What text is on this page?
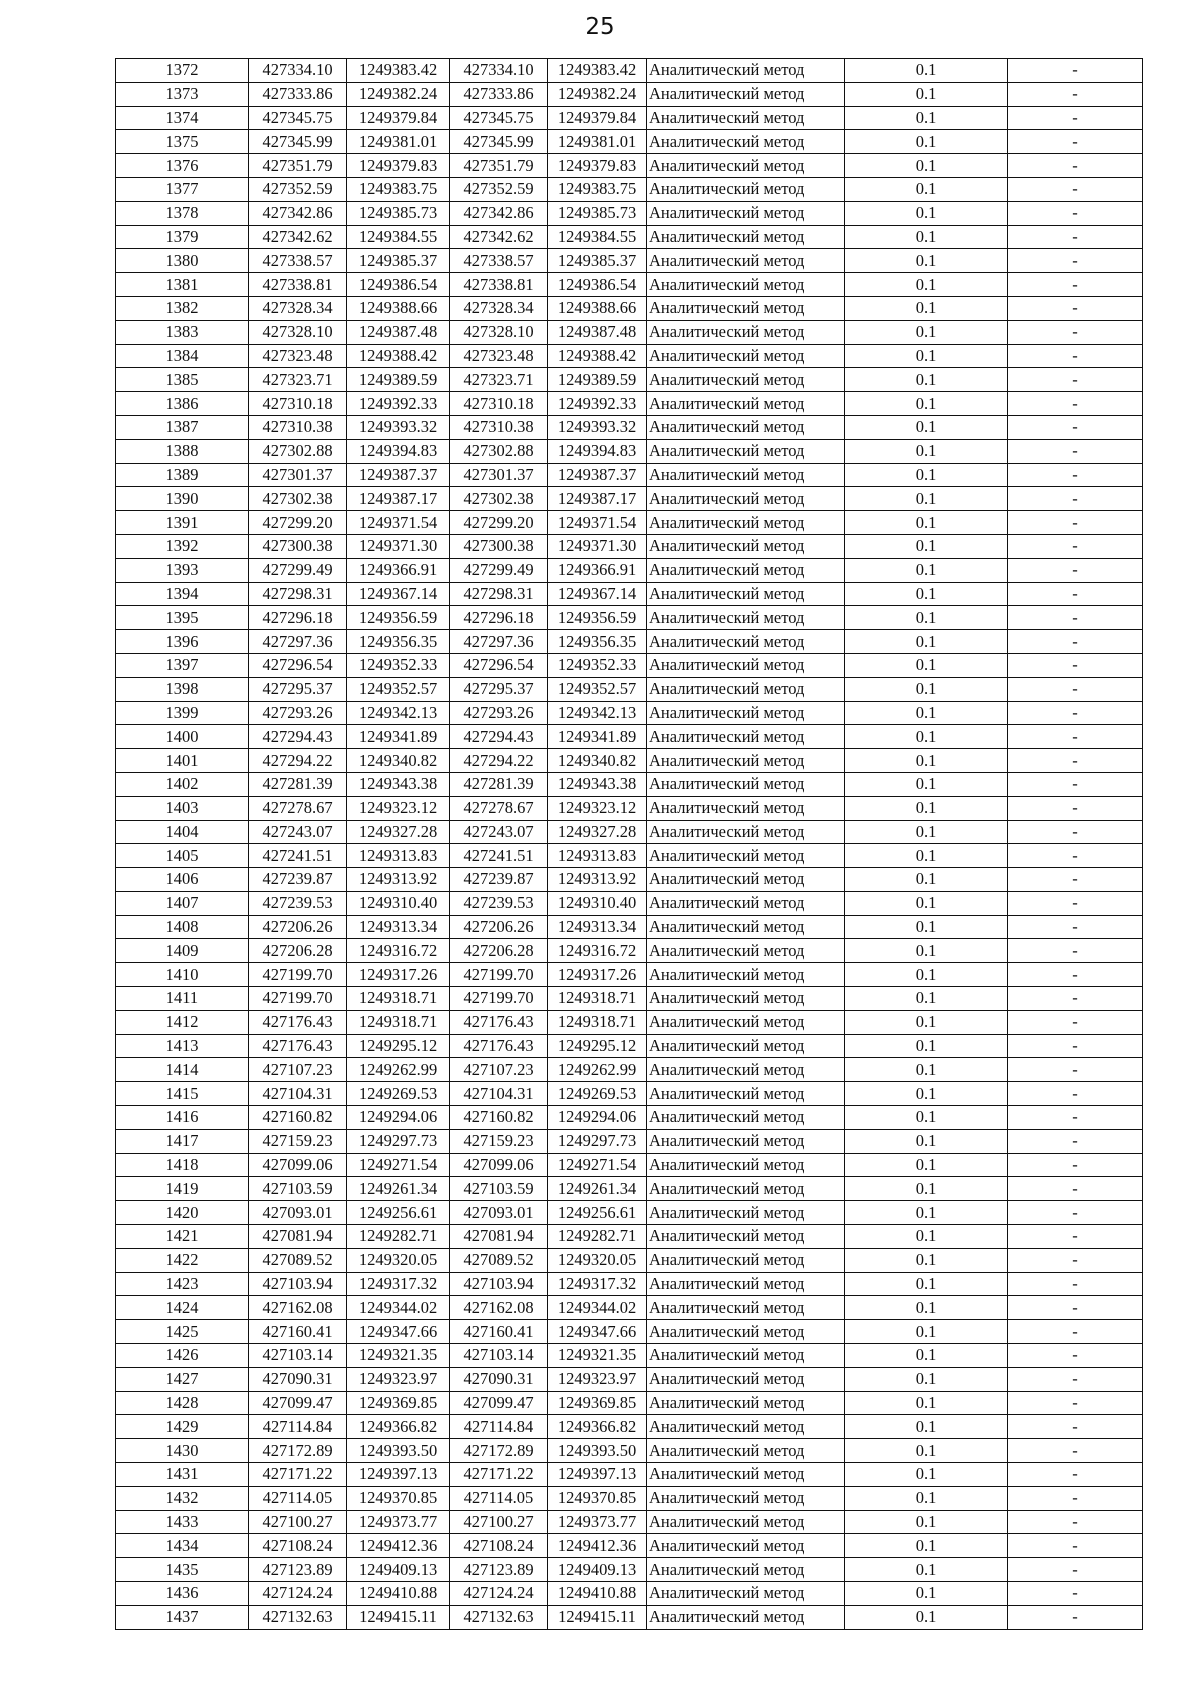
25
1372	427334.10	1249383.42	427334.10	1249383.42	Аналитический метод	0.1	-
1373	427333.86	1249382.24	427333.86	1249382.24	Аналитический метод	0.1	-
1374	427345.75	1249379.84	427345.75	1249379.84	Аналитический метод	0.1	-
1375	427345.99	1249381.01	427345.99	1249381.01	Аналитический метод	0.1	-
1376	427351.79	1249379.83	427351.79	1249379.83	Аналитический метод	0.1	-
1377	427352.59	1249383.75	427352.59	1249383.75	Аналитический метод	0.1	-
1378	427342.86	1249385.73	427342.86	1249385.73	Аналитический метод	0.1	-
1379	427342.62	1249384.55	427342.62	1249384.55	Аналитический метод	0.1	-
1380	427338.57	1249385.37	427338.57	1249385.37	Аналитический метод	0.1	-
1381	427338.81	1249386.54	427338.81	1249386.54	Аналитический метод	0.1	-
1382	427328.34	1249388.66	427328.34	1249388.66	Аналитический метод	0.1	-
1383	427328.10	1249387.48	427328.10	1249387.48	Аналитический метод	0.1	-
1384	427323.48	1249388.42	427323.48	1249388.42	Аналитический метод	0.1	-
1385	427323.71	1249389.59	427323.71	1249389.59	Аналитический метод	0.1	-
1386	427310.18	1249392.33	427310.18	1249392.33	Аналитический метод	0.1	-
1387	427310.38	1249393.32	427310.38	1249393.32	Аналитический метод	0.1	-
1388	427302.88	1249394.83	427302.88	1249394.83	Аналитический метод	0.1	-
1389	427301.37	1249387.37	427301.37	1249387.37	Аналитический метод	0.1	-
1390	427302.38	1249387.17	427302.38	1249387.17	Аналитический метод	0.1	-
1391	427299.20	1249371.54	427299.20	1249371.54	Аналитический метод	0.1	-
1392	427300.38	1249371.30	427300.38	1249371.30	Аналитический метод	0.1	-
1393	427299.49	1249366.91	427299.49	1249366.91	Аналитический метод	0.1	-
1394	427298.31	1249367.14	427298.31	1249367.14	Аналитический метод	0.1	-
1395	427296.18	1249356.59	427296.18	1249356.59	Аналитический метод	0.1	-
1396	427297.36	1249356.35	427297.36	1249356.35	Аналитический метод	0.1	-
1397	427296.54	1249352.33	427296.54	1249352.33	Аналитический метод	0.1	-
1398	427295.37	1249352.57	427295.37	1249352.57	Аналитический метод	0.1	-
1399	427293.26	1249342.13	427293.26	1249342.13	Аналитический метод	0.1	-
1400	427294.43	1249341.89	427294.43	1249341.89	Аналитический метод	0.1	-
1401	427294.22	1249340.82	427294.22	1249340.82	Аналитический метод	0.1	-
1402	427281.39	1249343.38	427281.39	1249343.38	Аналитический метод	0.1	-
1403	427278.67	1249323.12	427278.67	1249323.12	Аналитический метод	0.1	-
1404	427243.07	1249327.28	427243.07	1249327.28	Аналитический метод	0.1	-
1405	427241.51	1249313.83	427241.51	1249313.83	Аналитический метод	0.1	-
1406	427239.87	1249313.92	427239.87	1249313.92	Аналитический метод	0.1	-
1407	427239.53	1249310.40	427239.53	1249310.40	Аналитический метод	0.1	-
1408	427206.26	1249313.34	427206.26	1249313.34	Аналитический метод	0.1	-
1409	427206.28	1249316.72	427206.28	1249316.72	Аналитический метод	0.1	-
1410	427199.70	1249317.26	427199.70	1249317.26	Аналитический метод	0.1	-
1411	427199.70	1249318.71	427199.70	1249318.71	Аналитический метод	0.1	-
1412	427176.43	1249318.71	427176.43	1249318.71	Аналитический метод	0.1	-
1413	427176.43	1249295.12	427176.43	1249295.12	Аналитический метод	0.1	-
1414	427107.23	1249262.99	427107.23	1249262.99	Аналитический метод	0.1	-
1415	427104.31	1249269.53	427104.31	1249269.53	Аналитический метод	0.1	-
1416	427160.82	1249294.06	427160.82	1249294.06	Аналитический метод	0.1	-
1417	427159.23	1249297.73	427159.23	1249297.73	Аналитический метод	0.1	-
1418	427099.06	1249271.54	427099.06	1249271.54	Аналитический метод	0.1	-
1419	427103.59	1249261.34	427103.59	1249261.34	Аналитический метод	0.1	-
1420	427093.01	1249256.61	427093.01	1249256.61	Аналитический метод	0.1	-
1421	427081.94	1249282.71	427081.94	1249282.71	Аналитический метод	0.1	-
1422	427089.52	1249320.05	427089.52	1249320.05	Аналитический метод	0.1	-
1423	427103.94	1249317.32	427103.94	1249317.32	Аналитический метод	0.1	-
1424	427162.08	1249344.02	427162.08	1249344.02	Аналитический метод	0.1	-
1425	427160.41	1249347.66	427160.41	1249347.66	Аналитический метод	0.1	-
1426	427103.14	1249321.35	427103.14	1249321.35	Аналитический метод	0.1	-
1427	427090.31	1249323.97	427090.31	1249323.97	Аналитический метод	0.1	-
1428	427099.47	1249369.85	427099.47	1249369.85	Аналитический метод	0.1	-
1429	427114.84	1249366.82	427114.84	1249366.82	Аналитический метод	0.1	-
1430	427172.89	1249393.50	427172.89	1249393.50	Аналитический метод	0.1	-
1431	427171.22	1249397.13	427171.22	1249397.13	Аналитический метод	0.1	-
1432	427114.05	1249370.85	427114.05	1249370.85	Аналитический метод	0.1	-
1433	427100.27	1249373.77	427100.27	1249373.77	Аналитический метод	0.1	-
1434	427108.24	1249412.36	427108.24	1249412.36	Аналитический метод	0.1	-
1435	427123.89	1249409.13	427123.89	1249409.13	Аналитический метод	0.1	-
1436	427124.24	1249410.88	427124.24	1249410.88	Аналитический метод	0.1	-
1437	427132.63	1249415.11	427132.63	1249415.11	Аналитический метод	0.1	-
